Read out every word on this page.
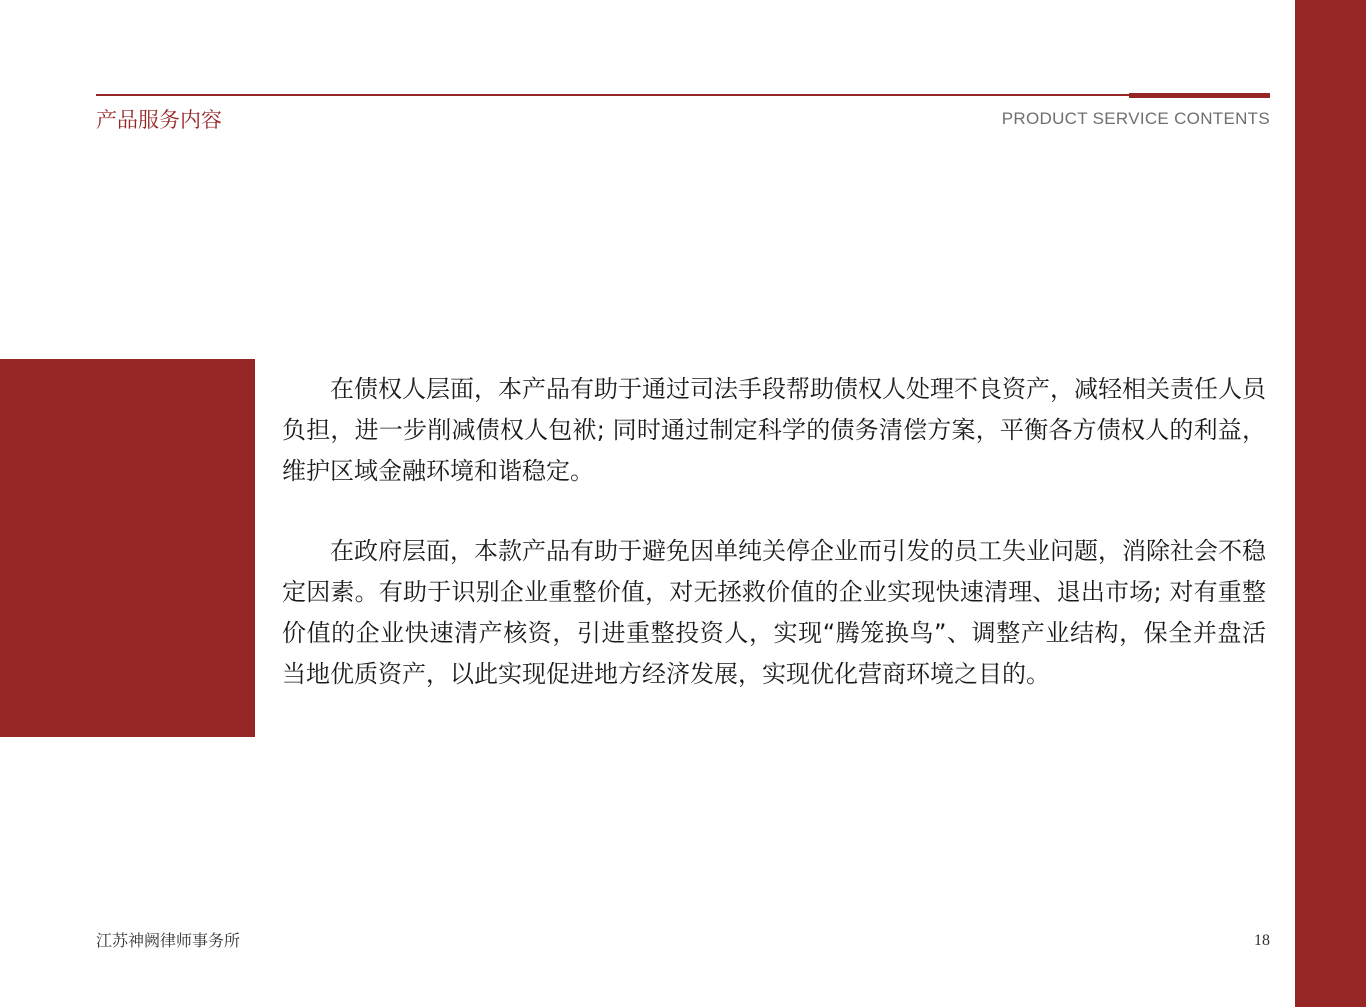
产品服务内容	PRODUCT SERVICE CONTENTS

在债权人层面，本产品有助于通过司法手段帮助债权人处理不良资产，减轻相关责任人员负担，进一步削减债权人包袱; 同时通过制定科学的债务清偿方案，平衡各方债权人的利益，维护区域金融环境和谐稳定。

在政府层面，本款产品有助于避免因单纯关停企业而引发的员工失业问题，消除社会不稳定因素。有助于识别企业重整价值，对无拯救价值的企业实现快速清理、退出市场; 对有重整价值的企业快速清产核资，引进重整投资人，实现“腾笼换鸟”、调整产业结构，保全并盘活当地优质资产，以此实现促进地方经济发展，实现优化营商环境之目的。

江苏神阙律师事务所	18
